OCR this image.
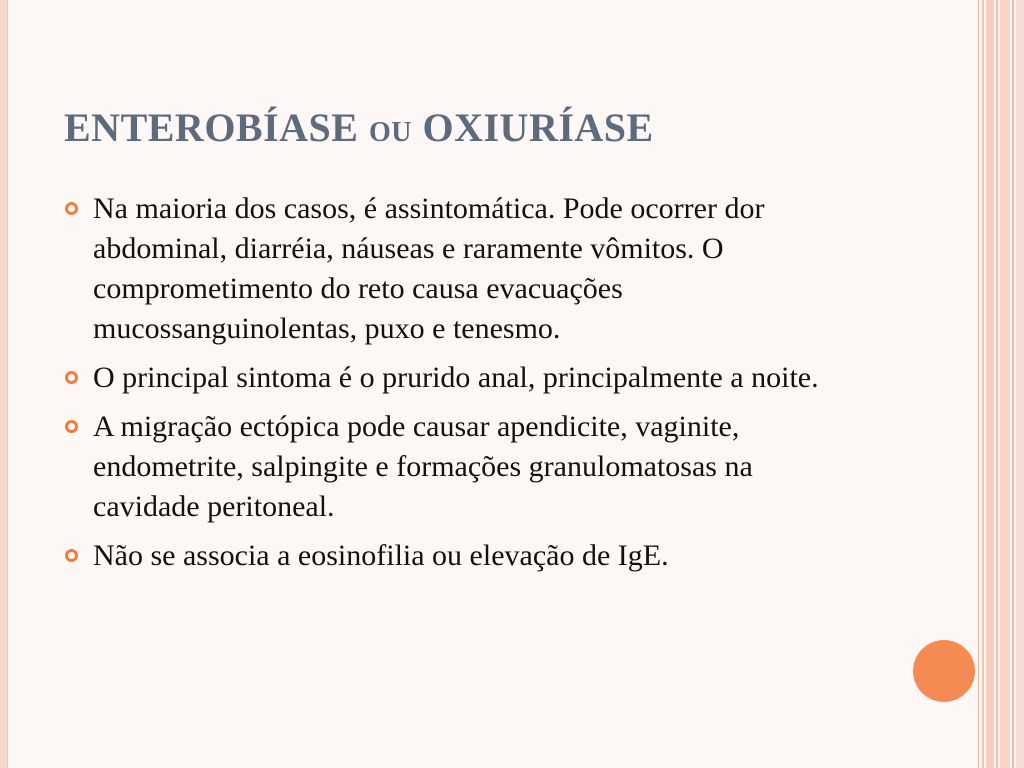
ENTEROBÍASE OU OXIURÍASE
Na maioria dos casos, é assintomática. Pode ocorrer dor abdominal, diarréia, náuseas e raramente vômitos. O comprometimento do reto causa evacuações mucossanguinolentas, puxo e tenesmo.
O principal sintoma é o prurido anal, principalmente a noite.
A migração ectópica pode causar apendicite, vaginite, endometrite, salpingite e formações granulomatosas na cavidade peritoneal.
Não se associa a eosinofilia ou elevação de IgE.
